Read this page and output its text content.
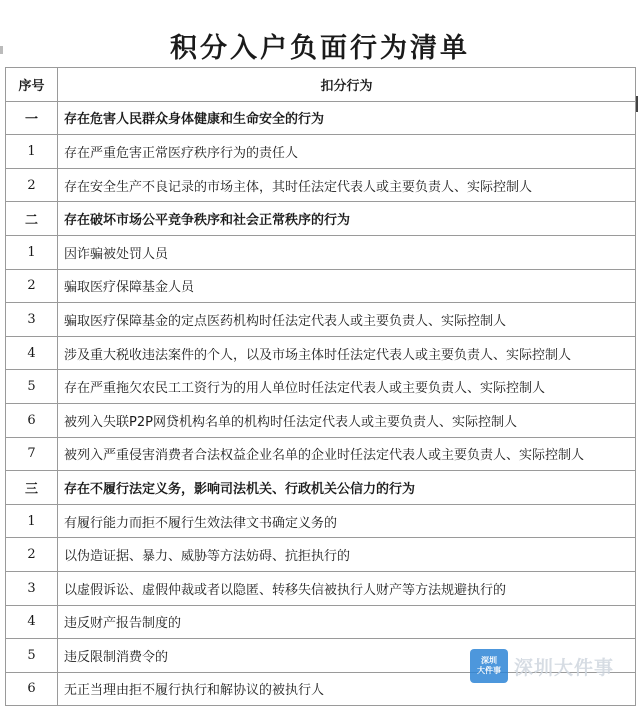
积分入户负面行为清单
序号	扣分行为
一	存在危害人民群众身体健康和生命安全的行为
1	存在严重危害正常医疗秩序行为的责任人
2	存在安全生产不良记录的市场主体，其时任法定代表人或主要负责人、实际控制人
二	存在破坏市场公平竞争秩序和社会正常秩序的行为
1	因诈骗被处罚人员
2	骗取医疗保障基金人员
3	骗取医疗保障基金的定点医药机构时任法定代表人或主要负责人、实际控制人
4	涉及重大税收违法案件的个人，以及市场主体时任法定代表人或主要负责人、实际控制人
5	存在严重拖欠农民工工资行为的用人单位时任法定代表人或主要负责人、实际控制人
6	被列入失联P2P网贷机构名单的机构时任法定代表人或主要负责人、实际控制人
7	被列入严重侵害消费者合法权益企业名单的企业时任法定代表人或主要负责人、实际控制人
三	存在不履行法定义务，影响司法机关、行政机关公信力的行为
1	有履行能力而拒不履行生效法律文书确定义务的
2	以伪造证据、暴力、威胁等方法妨碍、抗拒执行的
3	以虚假诉讼、虚假仲裁或者以隐匿、转移失信被执行人财产等方法规避执行的
4	违反财产报告制度的
5	违反限制消费令的
6	无正当理由拒不履行执行和解协议的被执行人
深圳
大件事 深圳大件事
